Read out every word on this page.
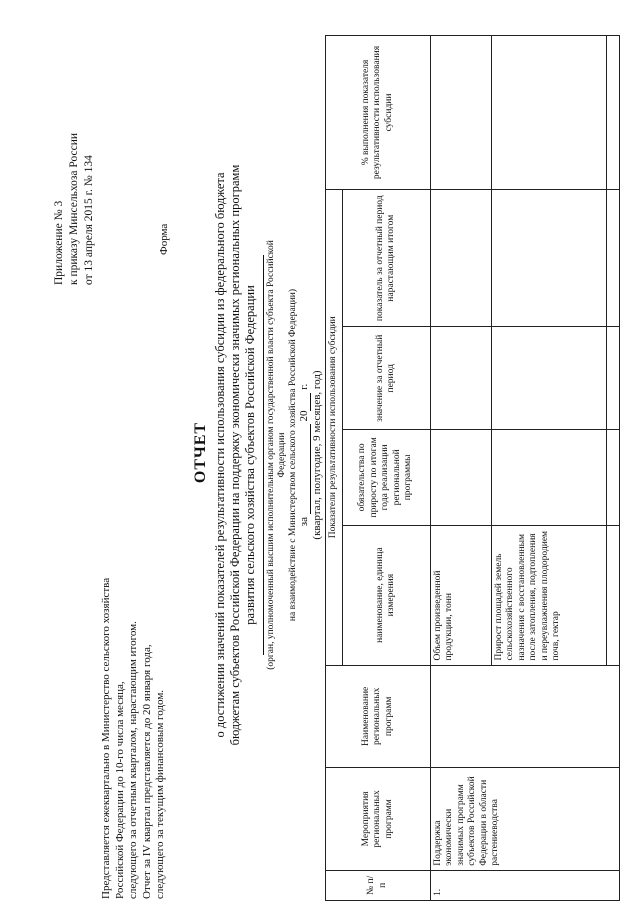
Приложение № 3 к приказу Минсельхоза России от 13 апреля 2015 г. № 134	Форма
Представляется ежеквартально в Министерство сельского хозяйства Российской Федерации до 10-го числа месяца, следующего за отчетным кварталом, нарастающим итогом. Отчет за IV квартал представляется до 20 января года, следующего за текущим финансовым годом.
ОТЧЕТ о достижении значений показателей результативности использования субсидии из федерального бюджета бюджетам субъектов Российской Федерации на поддержку экономически значимых региональных программ развития сельского хозяйства субъектов Российской Федерации (орган, уполномоченный высшим исполнительным органом государственной власти субъекта Российской Федерации на взаимодействие с Министерством сельского хозяйства Российской Федерации) за  20 г. (квартал, полугодие, 9 месяцев, год)
№ п/п	Мероприятия региональных программ	Наименование региональных программ	Показатели результативности использования субсидии				% выполнения показателя результативности использования субсидии
			наименование, единица измерения	обязательства по приросту по итогам года реализации региональной программы	значение за отчетный период	показатель за отчетный период нарастающим итогом	
1.	Поддержка экономически значимых программ субъектов Российской Федерации в области растениеводства		Объем произведенной продукции, тонн				
			Прирост площадей земель сельскохозяйственного назначения с восстановленным после затопления, подтопления и переувлажнения плодородием почв, гектар				
